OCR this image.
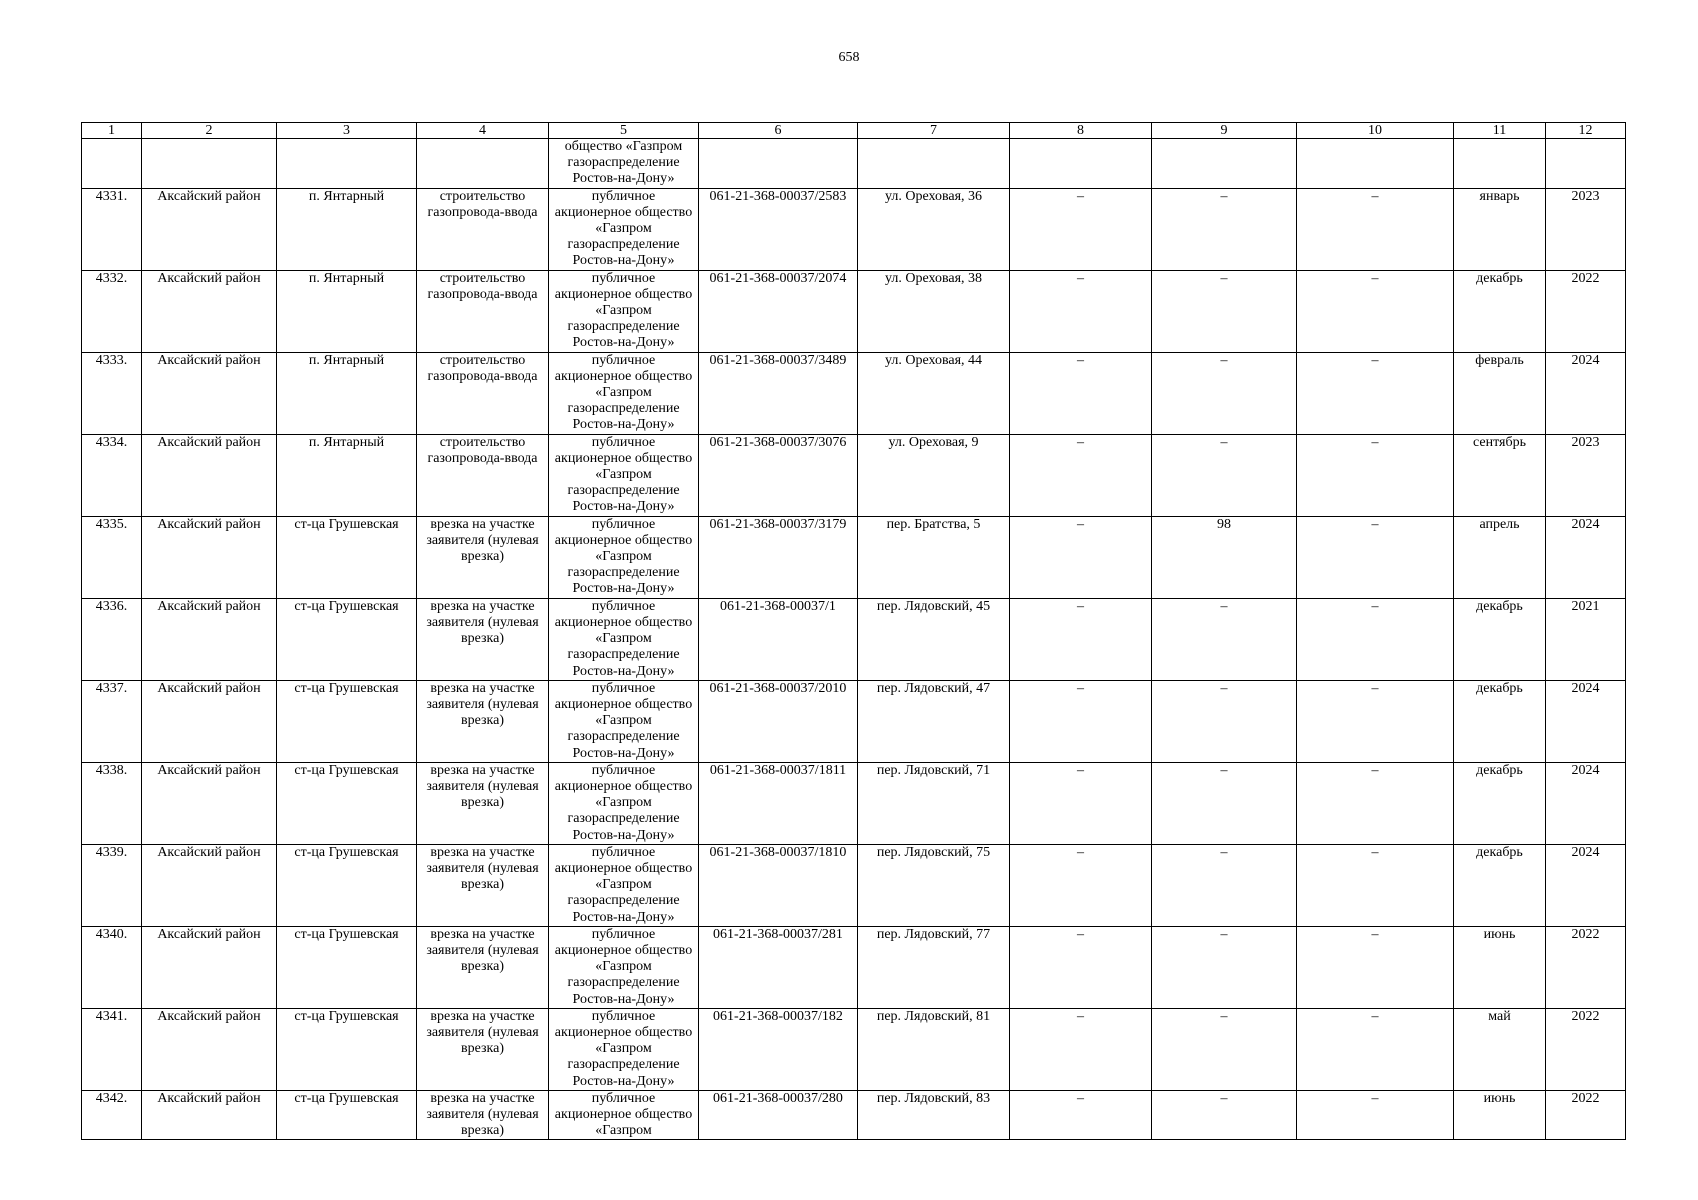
658
1	2	3	4	5	6	7	8	9	10	11	12
				общество «Газпром газораспределение Ростов-на-Дону»							
4331.	Аксайский район	п. Янтарный	строительство газопровода-ввода	публичное акционерное общество «Газпром газораспределение Ростов-на-Дону»	061-21-368-00037/2583	ул. Ореховая, 36	–	–	–	январь	2023
4332.	Аксайский район	п. Янтарный	строительство газопровода-ввода	публичное акционерное общество «Газпром газораспределение Ростов-на-Дону»	061-21-368-00037/2074	ул. Ореховая, 38	–	–	–	декабрь	2022
4333.	Аксайский район	п. Янтарный	строительство газопровода-ввода	публичное акционерное общество «Газпром газораспределение Ростов-на-Дону»	061-21-368-00037/3489	ул. Ореховая, 44	–	–	–	февраль	2024
4334.	Аксайский район	п. Янтарный	строительство газопровода-ввода	публичное акционерное общество «Газпром газораспределение Ростов-на-Дону»	061-21-368-00037/3076	ул. Ореховая, 9	–	–	–	сентябрь	2023
4335.	Аксайский район	ст-ца Грушевская	врезка на участке заявителя (нулевая врезка)	публичное акционерное общество «Газпром газораспределение Ростов-на-Дону»	061-21-368-00037/3179	пер. Братства, 5	–	98	–	апрель	2024
4336.	Аксайский район	ст-ца Грушевская	врезка на участке заявителя (нулевая врезка)	публичное акционерное общество «Газпром газораспределение Ростов-на-Дону»	061-21-368-00037/1	пер. Лядовский, 45	–	–	–	декабрь	2021
4337.	Аксайский район	ст-ца Грушевская	врезка на участке заявителя (нулевая врезка)	публичное акционерное общество «Газпром газораспределение Ростов-на-Дону»	061-21-368-00037/2010	пер. Лядовский, 47	–	–	–	декабрь	2024
4338.	Аксайский район	ст-ца Грушевская	врезка на участке заявителя (нулевая врезка)	публичное акционерное общество «Газпром газораспределение Ростов-на-Дону»	061-21-368-00037/1811	пер. Лядовский, 71	–	–	–	декабрь	2024
4339.	Аксайский район	ст-ца Грушевская	врезка на участке заявителя (нулевая врезка)	публичное акционерное общество «Газпром газораспределение Ростов-на-Дону»	061-21-368-00037/1810	пер. Лядовский, 75	–	–	–	декабрь	2024
4340.	Аксайский район	ст-ца Грушевская	врезка на участке заявителя (нулевая врезка)	публичное акционерное общество «Газпром газораспределение Ростов-на-Дону»	061-21-368-00037/281	пер. Лядовский, 77	–	–	–	июнь	2022
4341.	Аксайский район	ст-ца Грушевская	врезка на участке заявителя (нулевая врезка)	публичное акционерное общество «Газпром газораспределение Ростов-на-Дону»	061-21-368-00037/182	пер. Лядовский, 81	–	–	–	май	2022
4342.	Аксайский район	ст-ца Грушевская	врезка на участке заявителя (нулевая врезка)	публичное акционерное общество «Газпром	061-21-368-00037/280	пер. Лядовский, 83	–	–	–	июнь	2022
